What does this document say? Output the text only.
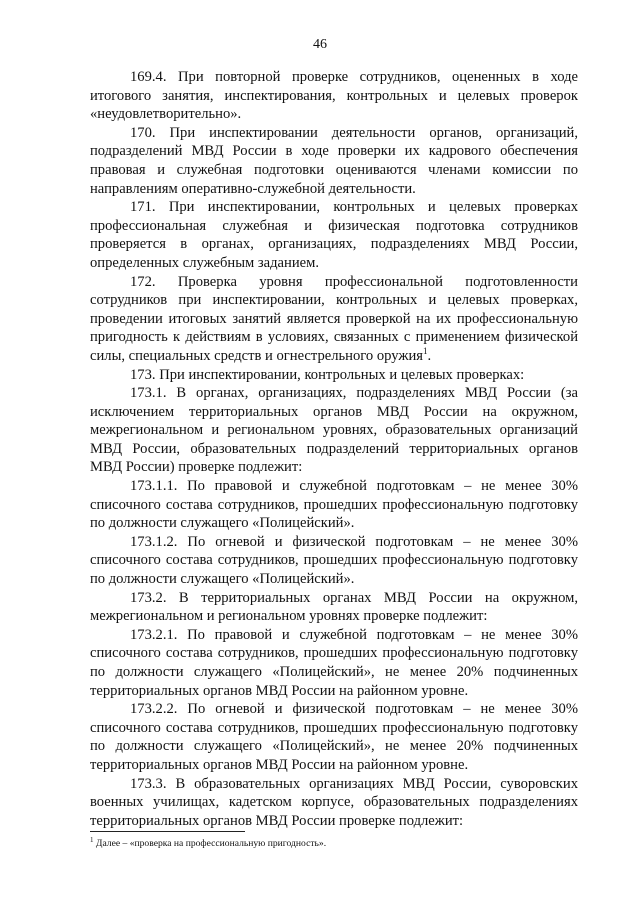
46

169.4. При повторной проверке сотрудников, оцененных в ходе итогового занятия, инспектирования, контрольных и целевых проверок «неудовлетворительно».

170. При инспектировании деятельности органов, организаций, подразделений МВД России в ходе проверки их кадрового обеспечения правовая и служебная подготовки оцениваются членами комиссии по направлениям оперативно-служебной деятельности.

171. При инспектировании, контрольных и целевых проверках профессиональная служебная и физическая подготовка сотрудников проверяется в органах, организациях, подразделениях МВД России, определенных служебным заданием.

172. Проверка уровня профессиональной подготовленности сотрудников при инспектировании, контрольных и целевых проверках, проведении итоговых занятий является проверкой на их профессиональную пригодность к действиям в условиях, связанных с применением физической силы, специальных средств и огнестрельного оружия$^1$.

173. При инспектировании, контрольных и целевых проверках:

173.1. В органах, организациях, подразделениях МВД России (за исключением территориальных органов МВД России на окружном, межрегиональном и региональном уровнях, образовательных организаций МВД России, образовательных подразделений территориальных органов МВД России) проверке подлежит:

173.1.1. По правовой и служебной подготовкам – не менее 30% списочного состава сотрудников, прошедших профессиональную подготовку по должности служащего «Полицейский».

173.1.2. По огневой и физической подготовкам – не менее 30% списочного состава сотрудников, прошедших профессиональную подготовку по должности служащего «Полицейский».

173.2. В территориальных органах МВД России на окружном, межрегиональном и региональном уровнях проверке подлежит:

173.2.1. По правовой и служебной подготовкам – не менее 30% списочного состава сотрудников, прошедших профессиональную подготовку по должности служащего «Полицейский», не менее 20% подчиненных территориальных органов МВД России на районном уровне.

173.2.2. По огневой и физической подготовкам – не менее 30% списочного состава сотрудников, прошедших профессиональную подготовку по должности служащего «Полицейский», не менее 20% подчиненных территориальных органов МВД России на районном уровне.

173.3. В образовательных организациях МВД России, суворовских военных училищах, кадетском корпусе, образовательных подразделениях территориальных органов МВД России проверке подлежит:

$^1$ Далее – «проверка на профессиональную пригодность».
